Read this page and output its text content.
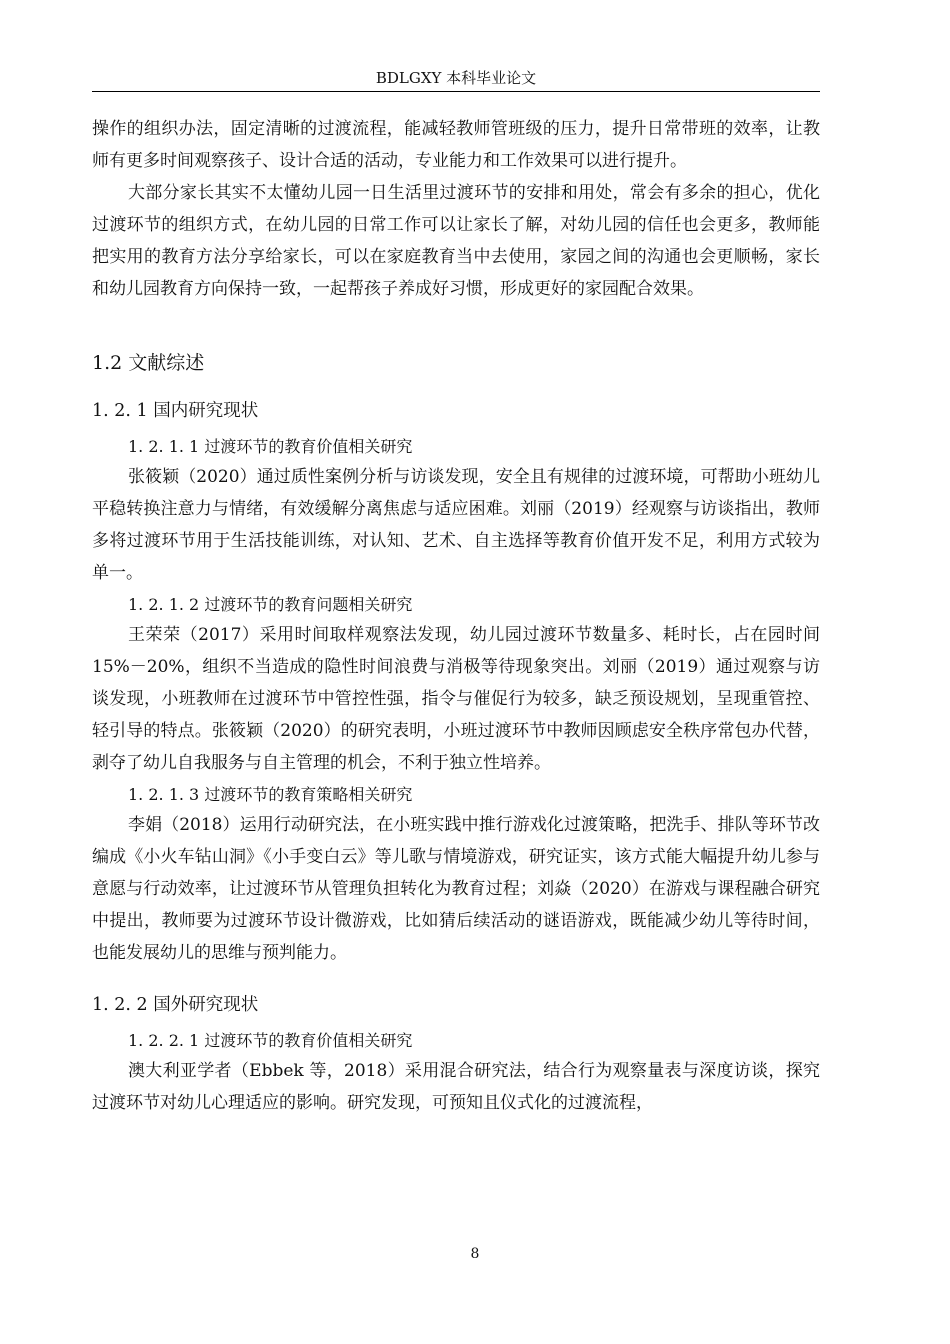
BDLGXY 本科毕业论文

操作的组织办法，固定清晰的过渡流程，能减轻教师管班级的压力，提升日常带班的效率，让教师有更多时间观察孩子、设计合适的活动，专业能力和工作效果可以进行提升。

大部分家长其实不太懂幼儿园一日生活里过渡环节的安排和用处，常会有多余的担心，优化过渡环节的组织方式，在幼儿园的日常工作可以让家长了解，对幼儿园的信任也会更多，教师能把实用的教育方法分享给家长，可以在家庭教育当中去使用，家园之间的沟通也会更顺畅，家长和幼儿园教育方向保持一致，一起帮孩子养成好习惯，形成更好的家园配合效果。

1.2 文献综述
1. 2. 1 国内研究现状
1. 2. 1. 1 过渡环节的教育价值相关研究

张筱颖（2020）通过质性案例分析与访谈发现，安全且有规律的过渡环境，可帮助小班幼儿平稳转换注意力与情绪，有效缓解分离焦虑与适应困难。刘丽（2019）经观察与访谈指出，教师多将过渡环节用于生活技能训练，对认知、艺术、自主选择等教育价值开发不足，利用方式较为单一。

1. 2. 1. 2 过渡环节的教育问题相关研究

王荣荣（2017）采用时间取样观察法发现，幼儿园过渡环节数量多、耗时长，占在园时间 15%－20%，组织不当造成的隐性时间浪费与消极等待现象突出。刘丽（2019）通过观察与访谈发现，小班教师在过渡环节中管控性强，指令与催促行为较多，缺乏预设规划，呈现重管控、轻引导的特点。张筱颖（2020）的研究表明，小班过渡环节中教师因顾虑安全秩序常包办代替，剥夺了幼儿自我服务与自主管理的机会，不利于独立性培养。

1. 2. 1. 3 过渡环节的教育策略相关研究

李娟（2018）运用行动研究法，在小班实践中推行游戏化过渡策略，把洗手、排队等环节改编成《小火车钻山洞》《小手变白云》等儿歌与情境游戏，研究证实，该方式能大幅提升幼儿参与意愿与行动效率，让过渡环节从管理负担转化为教育过程；刘焱（2020）在游戏与课程融合研究中提出，教师要为过渡环节设计微游戏，比如猜后续活动的谜语游戏，既能减少幼儿等待时间，也能发展幼儿的思维与预判能力。

1. 2. 2 国外研究现状
1. 2. 2. 1 过渡环节的教育价值相关研究

澳大利亚学者（Ebbek 等，2018）采用混合研究法，结合行为观察量表与深度访谈，探究过渡环节对幼儿心理适应的影响。研究发现，可预知且仪式化的过渡流程，

8
